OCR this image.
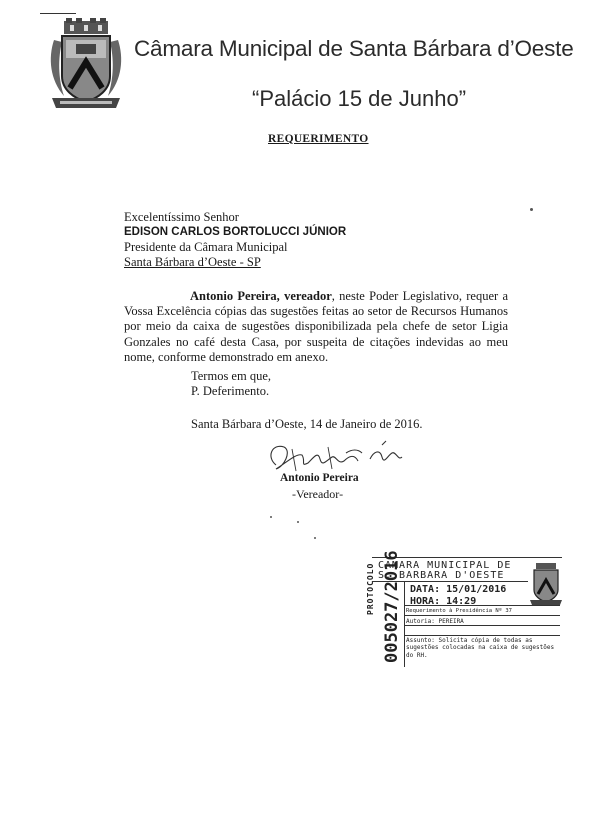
Câmara Municipal de Santa Bárbara d’Oeste
“Palácio 15 de Junho”
REQUERIMENTO
Excelentíssimo Senhor
EDISON CARLOS BORTOLUCCI JÚNIOR
Presidente da Câmara Municipal
Santa Bárbara d’Oeste - SP

Antonio Pereira, vereador, neste Poder Legislativo, requer a Vossa Excelência cópias das sugestões feitas ao setor de Recursos Humanos por meio da caixa de sugestões disponibilizada pela chefe de setor Ligia Gonzales no café desta Casa, por suspeita de citações indevidas ao meu nome, conforme demonstrado em anexo.

Termos em que,
P. Deferimento.
Santa Bárbara d’Oeste, 14 de Janeiro de 2016.
Antonio Pereira
-Vereador-
CAMARA MUNICIPAL DE
S. BARBARA D'OESTE
PROTOCOLO 005027/2016 DATA: 15/01/2016
HORA: 14:29
Requerimento à Presidência Nº 37
Autoria: PEREIRA
Assunto: Solicita cópia de todas as sugestões colocadas na caixa de sugestões do RH.
